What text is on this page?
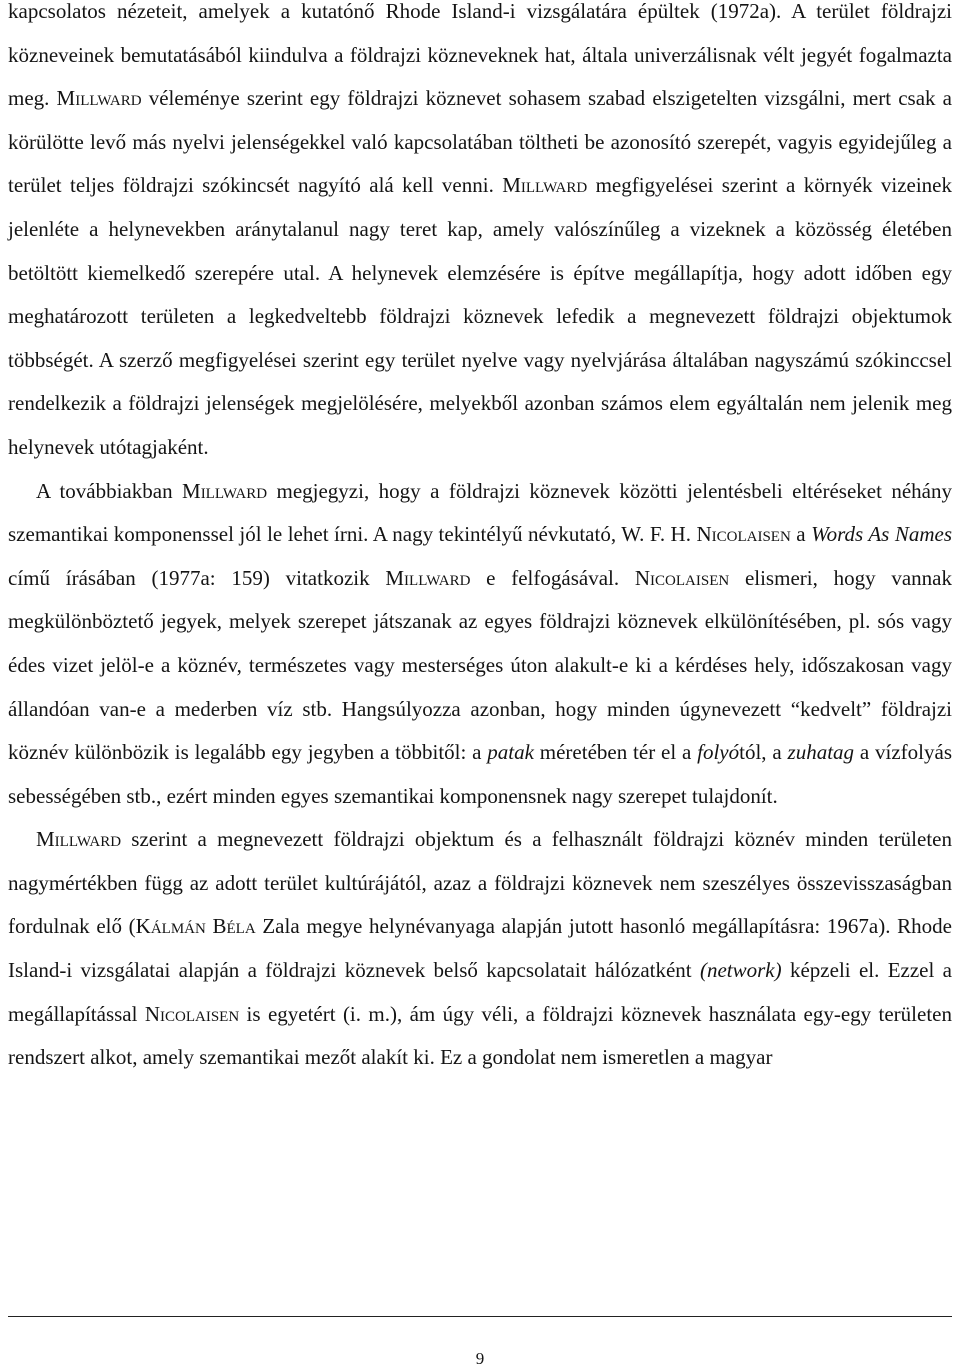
kapcsolatos nézeteit, amelyek a kutatónő Rhode Island-i vizsgálatára épültek (1972a). A terület földrajzi közneveinek bemutatásából kiindulva a földrajzi közneveknek hat, általa univerzálisnak vélt jegyét fogalmazta meg. Millward véleménye szerint egy földrajzi köznevet sohasem szabad elszigetelten vizsgálni, mert csak a körülötte levő más nyelvi jelenségekkel való kapcsolatában töltheti be azonosító szerepét, vagyis egyidejűleg a terület teljes földrajzi szókincsét nagyító alá kell venni. Millward megfigyelései szerint a környék vizeinek jelenléte a helynevekben aránytalanul nagy teret kap, amely valószínűleg a vizeknek a közösség életében betöltött kiemelkedő szerepére utal. A helynevek elemzésére is építve megállapítja, hogy adott időben egy meghatározott területen a legkedveltebb földrajzi köznevek lefedik a megnevezett földrajzi objektumok többségét. A szerző megfigyelései szerint egy terület nyelve vagy nyelvjárása általában nagyszámú szókinccsel rendelkezik a földrajzi jelenségek megjelölésére, melyekből azonban számos elem egyáltalán nem jelenik meg helynevek utótagjaként.

A továbbiakban Millward megjegyzi, hogy a földrajzi köznevek közötti jelentésbeli eltéréseket néhány szemantikai komponenssel jól le lehet írni. A nagy tekintélyű névkutató, W. F. H. Nicolaisen a Words As Names című írásában (1977a: 159) vitatkozik Millward e felfogásával. Nicolaisen elismeri, hogy vannak megkülönböztető jegyek, melyek szerepet játszanak az egyes földrajzi köznevek elkülönítésében, pl. sós vagy édes vizet jelöl-e a köznév, természetes vagy mesterséges úton alakult-e ki a kérdéses hely, időszakosan vagy állandóan van-e a mederben víz stb. Hangsúlyozza azonban, hogy minden úgynevezett “kedvelt” földrajzi köznév különbözik is legalább egy jegyben a többitől: a patak méretében tér el a folyótól, a zuhatag a vízfolyás sebességében stb., ezért minden egyes szemantikai komponensnek nagy szerepet tulajdonít.

Millward szerint a megnevezett földrajzi objektum és a felhasznált földrajzi köznév minden területen nagymértékben függ az adott terület kultúrájától, azaz a földrajzi köznevek nem szeszélyes összevisszaságban fordulnak elő (Kálmán Béla Zala megye helynévanyaga alapján jutott hasonló megállapításra: 1967a). Rhode Island-i vizsgálatai alapján a földrajzi köznevek belső kapcsolatait hálózatként (network) képzeli el. Ezzel a megállapítással Nicolaisen is egyetért (i. m.), ám úgy véli, a földrajzi köznevek használata egy-egy területen rendszert alkot, amely szemantikai mezőt alakít ki. Ez a gondolat nem ismeretlen a magyar

9
